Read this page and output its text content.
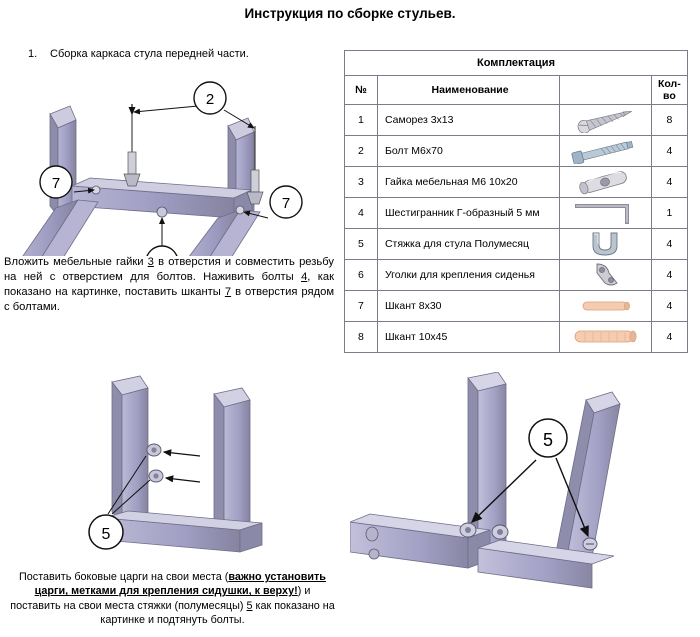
Инструкция по сборке стульев.
1. Сборка каркаса стула передней части.
2
7
7
Вложить мебельные гайки 3 в отверстия и совместить резьбу на ней с отверстием для болтов. Наживить болты 4, как показано на картинке, поставить шканты 7 в отверстия рядом с болтами.
Комплектация			
№	Наименование		Кол-во
1	Саморез 3x13		8
2	Болт М6х70		4
3	Гайка мебельная М6 10х20		4
4	Шестигранник Г-образный 5 мм		1
5	Стяжка для стула Полумесяц		4
6	Уголки для крепления сиденья		4
7	Шкант 8х30		4
8	Шкант 10х45		4
5
Поставить боковые царги на свои места (важно установить царги, метками для крепления сидушки, к верху!) и поставить на свои места стяжки (полумесяцы) 5 как показано на картинке и подтянуть болты.
5
